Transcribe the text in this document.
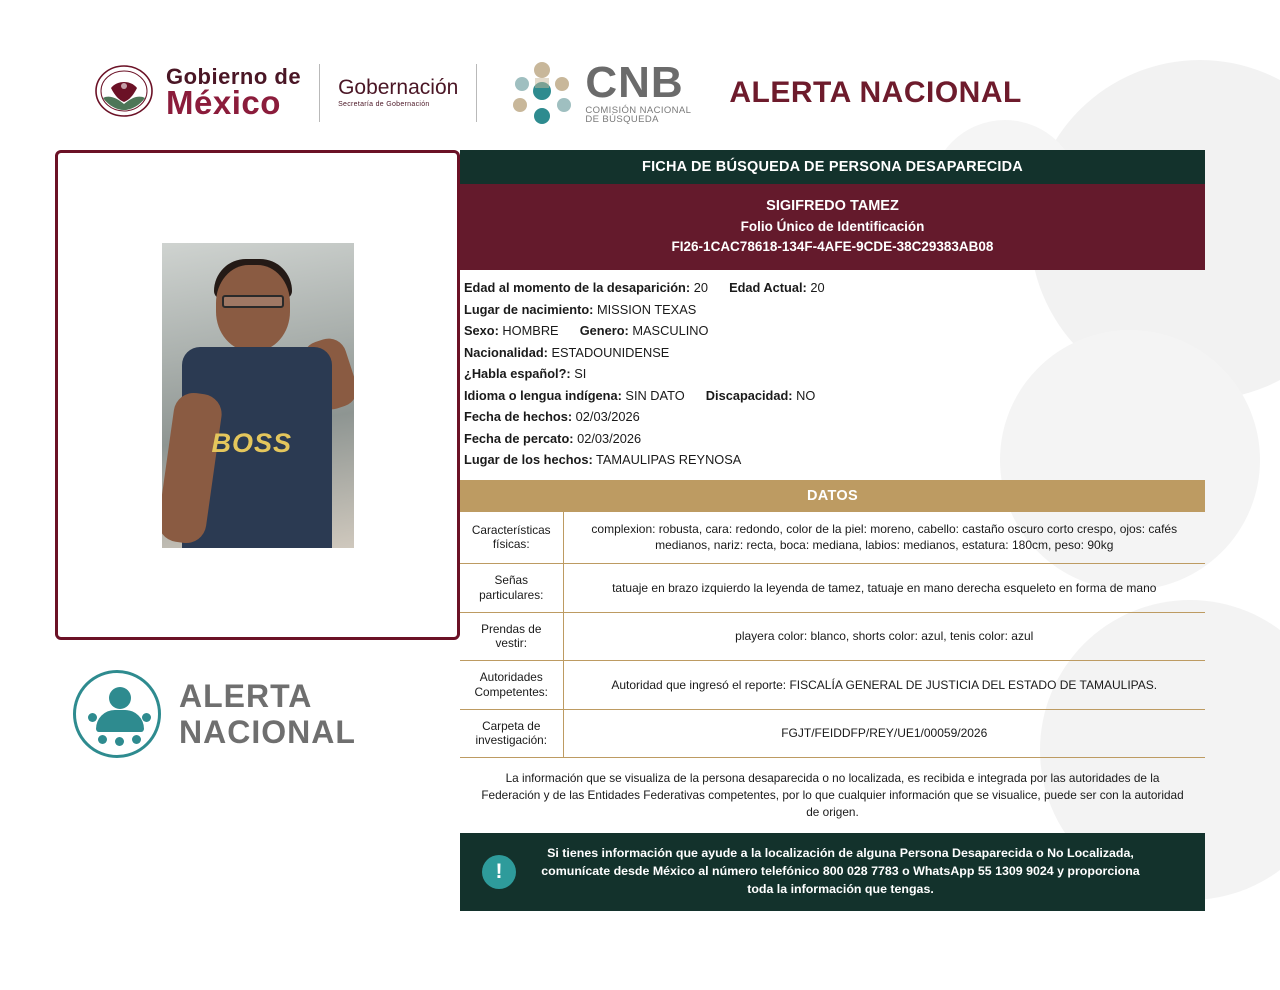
Gobierno de
México	Gobernación
Secretaría de Gobernación	CNB
COMISIÓN NACIONAL
DE BÚSQUEDA
ALERTA NACIONAL
BOSS
ALERTA
NACIONAL
FICHA DE BÚSQUEDA DE PERSONA DESAPARECIDA
SIGIFREDO TAMEZ
Folio Único de Identificación
FI26-1CAC78618-134F-4AFE-9CDE-38C29383AB08
Edad al momento de la desaparición: 20 Edad Actual: 20
Lugar de nacimiento: MISSION TEXAS
Sexo: HOMBRE Genero: MASCULINO
Nacionalidad: ESTADOUNIDENSE
¿Habla español?: SI
Idioma o lengua indígena: SIN DATO Discapacidad: NO
Fecha de hechos: 02/03/2026
Fecha de percato: 02/03/2026
Lugar de los hechos: TAMAULIPAS REYNOSA
DATOS
Características físicas:	complexion: robusta, cara: redondo, color de la piel: moreno, cabello: castaño oscuro corto crespo, ojos: cafés medianos, nariz: recta, boca: mediana, labios: medianos, estatura: 180cm, peso: 90kg
Señas particulares:	tatuaje en brazo izquierdo la leyenda de tamez, tatuaje en mano derecha esqueleto en forma de mano
Prendas de vestir:	playera color: blanco, shorts color: azul, tenis color: azul
Autoridades Competentes:	Autoridad que ingresó el reporte: FISCALÍA GENERAL DE JUSTICIA DEL ESTADO DE TAMAULIPAS.
Carpeta de investigación:	FGJT/FEIDDFP/REY/UE1/00059/2026
La información que se visualiza de la persona desaparecida o no localizada, es recibida e integrada por las autoridades de la Federación y de las Entidades Federativas competentes, por lo que cualquier información que se visualice, puede ser con la autoridad de origen.
!
Si tienes información que ayude a la localización de alguna Persona Desaparecida o No Localizada, comunícate desde México al número telefónico 800 028 7783 o WhatsApp 55 1309 9024 y proporciona toda la información que tengas.
